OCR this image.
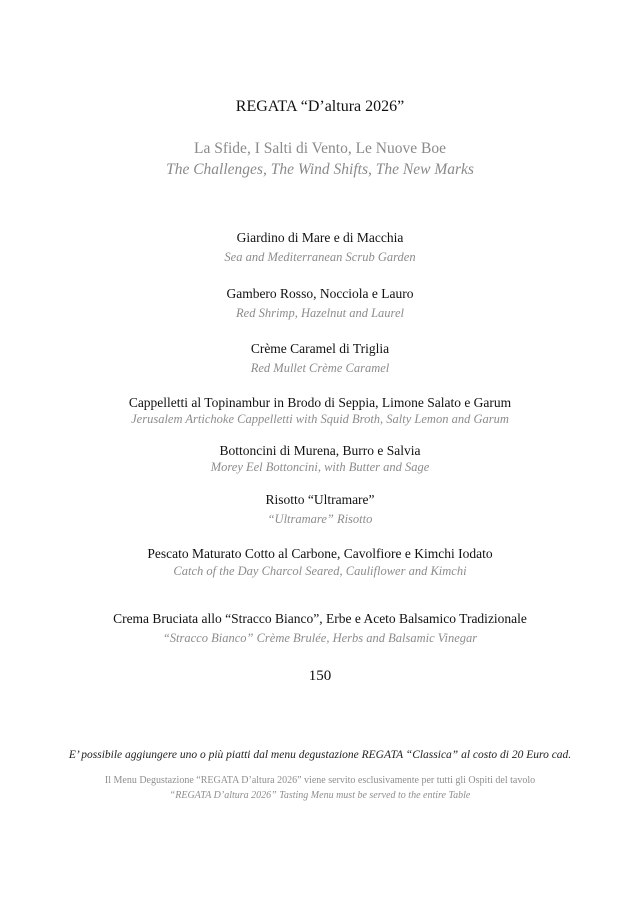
REGATA “D’altura 2026”
La Sfide, I Salti di Vento, Le Nuove Boe
The Challenges, The Wind Shifts, The New Marks
Giardino di Mare e di Macchia
Sea and Mediterranean Scrub Garden
Gambero Rosso, Nocciola e Lauro
Red Shrimp, Hazelnut and Laurel
Crème Caramel di Triglia
Red Mullet Crème Caramel
Cappelletti al Topinambur in Brodo di Seppia, Limone Salato e Garum
Jerusalem Artichoke Cappelletti with Squid Broth, Salty Lemon and Garum
Bottoncini di Murena, Burro e Salvia
Morey Eel Bottoncini, with Butter and Sage
Risotto “Ultramare”
“Ultramare” Risotto
Pescato Maturato Cotto al Carbone, Cavolfiore e Kimchi Iodato
Catch of the Day Charcol Seared, Cauliflower and Kimchi
Crema Bruciata allo “Stracco Bianco”, Erbe e Aceto Balsamico Tradizionale
“Stracco Bianco” Crème Brulée, Herbs and Balsamic Vinegar
150
E’ possibile aggiungere uno o più piatti dal menu degustazione REGATA “Classica” al costo di 20 Euro cad.
Il Menu Degustazione “REGATA D’altura 2026” viene servito esclusivamente per tutti gli Ospiti del tavolo
“REGATA D’altura 2026” Tasting Menu must be served to the entire Table
